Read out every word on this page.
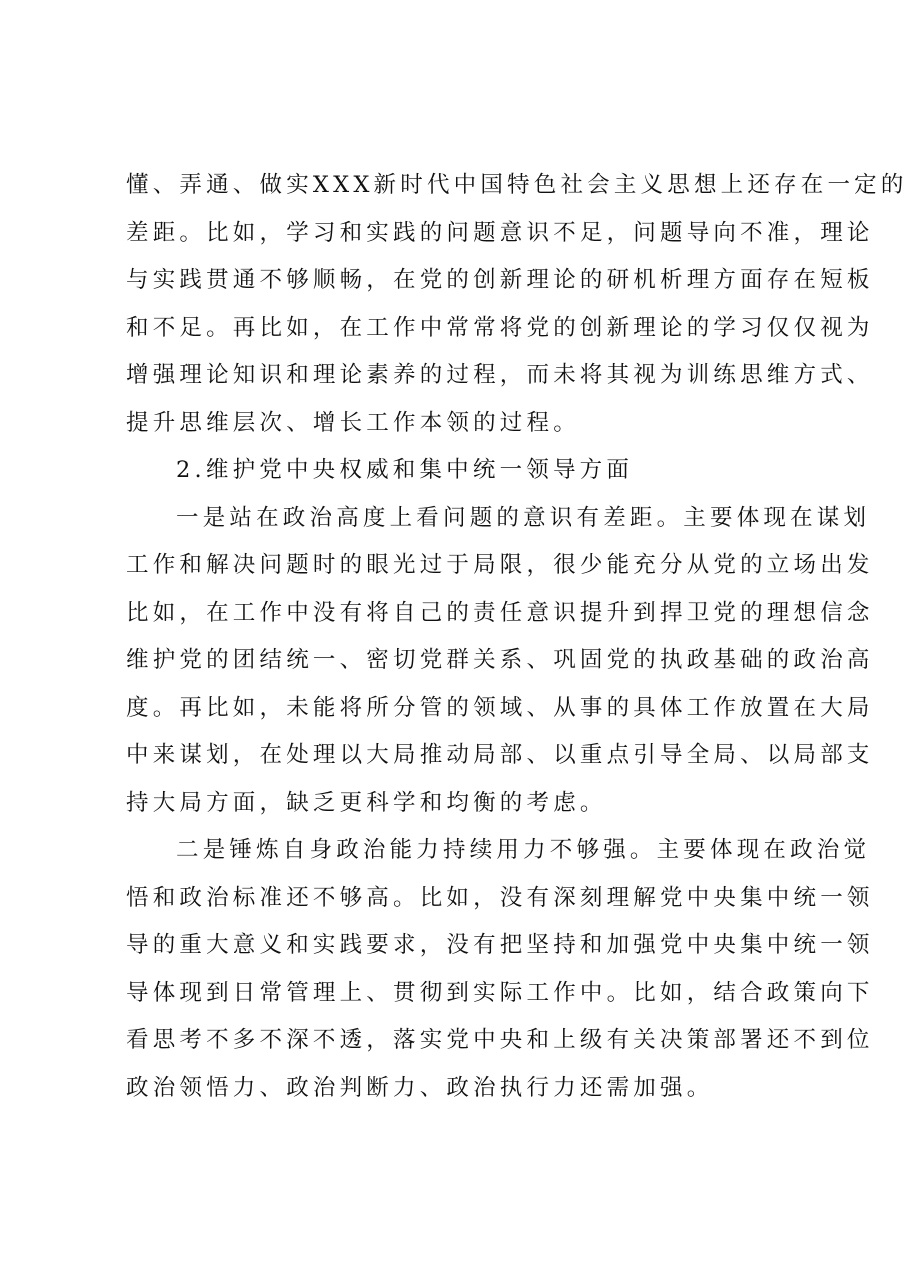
懂、弄通、做实XXX新时代中国特色社会主义思想上还存在一定的
差距。比如，学习和实践的问题意识不足，问题导向不准，理论
与实践贯通不够顺畅，在党的创新理论的研机析理方面存在短板
和不足。再比如，在工作中常常将党的创新理论的学习仅仅视为
增强理论知识和理论素养的过程，而未将其视为训练思维方式、
提升思维层次、增长工作本领的过程。
2.维护党中央权威和集中统一领导方面
一是站在政治高度上看问题的意识有差距。主要体现在谋划
工作和解决问题时的眼光过于局限，很少能充分从党的立场出发
比如，在工作中没有将自己的责任意识提升到捍卫党的理想信念
维护党的团结统一、密切党群关系、巩固党的执政基础的政治高
度。再比如，未能将所分管的领域、从事的具体工作放置在大局
中来谋划，在处理以大局推动局部、以重点引导全局、以局部支
持大局方面，缺乏更科学和均衡的考虑。
二是锤炼自身政治能力持续用力不够强。主要体现在政治觉
悟和政治标准还不够高。比如，没有深刻理解党中央集中统一领
导的重大意义和实践要求，没有把坚持和加强党中央集中统一领
导体现到日常管理上、贯彻到实际工作中。比如，结合政策向下
看思考不多不深不透，落实党中央和上级有关决策部署还不到位
政治领悟力、政治判断力、政治执行力还需加强。
